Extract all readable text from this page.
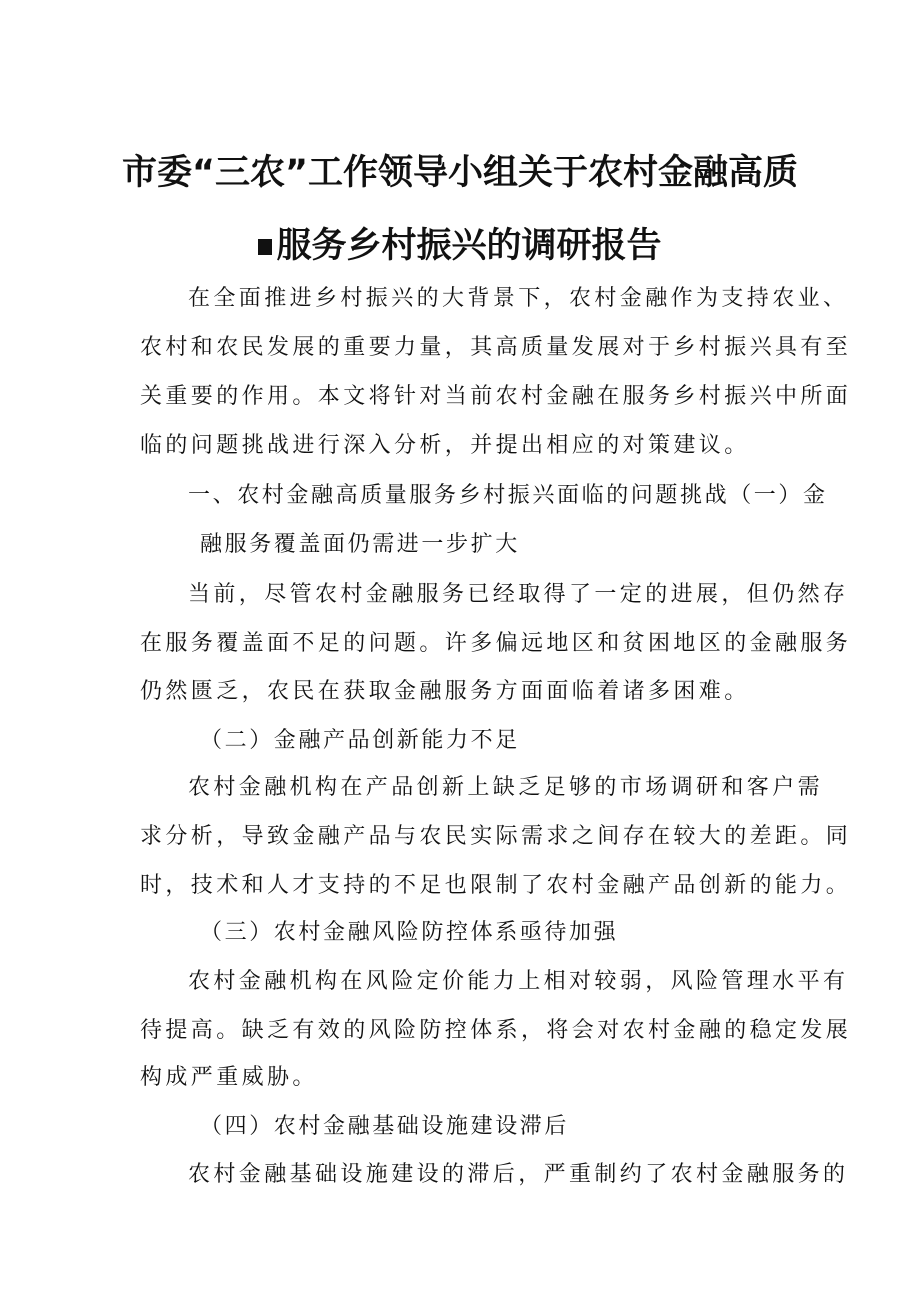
市委“三农”工作领导小组关于农村金融高质
服务乡村振兴的调研报告
在全面推进乡村振兴的大背景下，农村金融作为支持农业、
农村和农民发展的重要力量，其高质量发展对于乡村振兴具有至
关重要的作用。本文将针对当前农村金融在服务乡村振兴中所面
临的问题挑战进行深入分析，并提出相应的对策建议。
一、农村金融高质量服务乡村振兴面临的问题挑战（一）金
融服务覆盖面仍需进一步扩大
当前，尽管农村金融服务已经取得了一定的进展，但仍然存
在服务覆盖面不足的问题。许多偏远地区和贫困地区的金融服务
仍然匮乏，农民在获取金融服务方面面临着诸多困难。
（二）金融产品创新能力不足
农村金融机构在产品创新上缺乏足够的市场调研和客户需
求分析，导致金融产品与农民实际需求之间存在较大的差距。同
时，技术和人才支持的不足也限制了农村金融产品创新的能力。
（三）农村金融风险防控体系亟待加强
农村金融机构在风险定价能力上相对较弱，风险管理水平有
待提高。缺乏有效的风险防控体系，将会对农村金融的稳定发展
构成严重威胁。
（四）农村金融基础设施建设滞后
农村金融基础设施建设的滞后，严重制约了农村金融服务的
